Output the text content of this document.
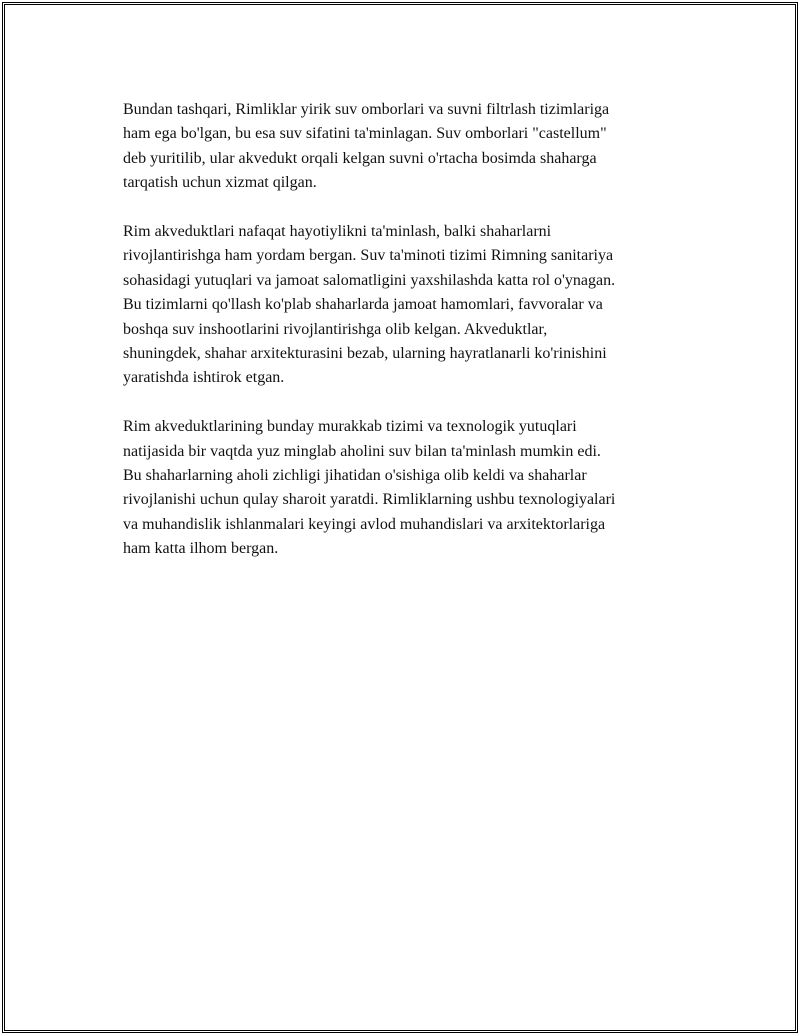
Bundan tashqari, Rimliklar yirik suv omborlari va suvni filtrlash tizimlariga
ham ega bo'lgan, bu esa suv sifatini ta'minlagan. Suv omborlari "castellum"
deb yuritilib, ular akvedukt orqali kelgan suvni o'rtacha bosimda shaharga
tarqatish uchun xizmat qilgan.

Rim akveduktlari nafaqat hayotiylikni ta'minlash, balki shaharlarni
rivojlantirishga ham yordam bergan. Suv ta'minoti tizimi Rimning sanitariya
sohasidagi yutuqlari va jamoat salomatligini yaxshilashda katta rol o'ynagan.
Bu tizimlarni qo'llash ko'plab shaharlarda jamoat hamomlari, favvoralar va
boshqa suv inshootlarini rivojlantirishga olib kelgan. Akveduktlar,
shuningdek, shahar arxitekturasini bezab, ularning hayratlanarli ko'rinishini
yaratishda ishtirok etgan.

Rim akveduktlarining bunday murakkab tizimi va texnologik yutuqlari
natijasida bir vaqtda yuz minglab aholini suv bilan ta'minlash mumkin edi.
Bu shaharlarning aholi zichligi jihatidan o'sishiga olib keldi va shaharlar
rivojlanishi uchun qulay sharoit yaratdi. Rimliklarning ushbu texnologiyalari
va muhandislik ishlanmalari keyingi avlod muhandislari va arxitektorlariga
ham katta ilhom bergan.
